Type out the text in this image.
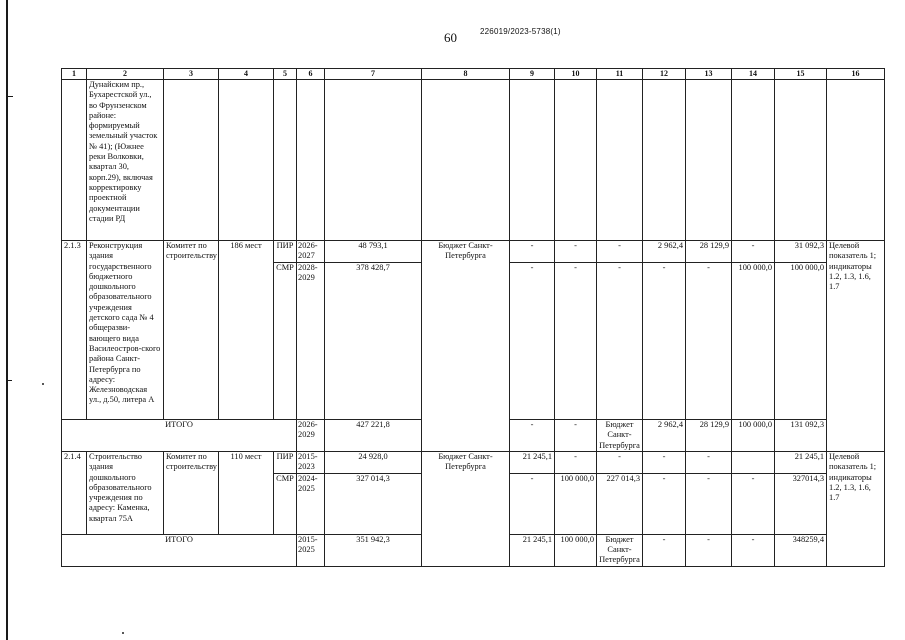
60	226019/2023-5738(1)
1	2	3	4	5	6	7	8	9	10	11	12	13	14	15	16
	Дунайским пр., Бухарестской ул., во Фрунзенском районе: формируемый земельный участок № 41); (Южнее реки Волковки, квартал 30, корп.29), включая корректировку проектной документации стадии РД														
2.1.3	Реконструкция здания государственного бюджетного дошкольного образовательного учреждения детского сада № 4 общеразви-вающего вида Василеостров-ского района Санкт-Петербурга по адресу: Железноводская ул., д.50, литера А	Комитет по строительству	186 мест	ПИР	2026-2027	48 793,1	Бюджет Санкт-Петербурга	-	-	-	2 962,4	28 129,9	-	31 092,3	Целевой показатель 1; индикаторы 1.2, 1.3, 1.6, 1.7
				СМР	2028-2029	378 428,7		-	-	-	-	-	100 000,0	100 000,0	
ИТОГО					2026-2029	427 221,8		-	-	Бюджет Санкт-Петербурга	2 962,4	28 129,9	100 000,0	131 092,3	
2.1.4	Строительство здания дошкольного образовательного учреждения по адресу: Каменка, квартал 75А	Комитет по строительству	110 мест	ПИР	2015-2023	24 928,0	Бюджет Санкт-Петербурга	21 245,1	-	-	-	-		21 245,1	Целевой показатель 1; индикаторы 1.2, 1.3, 1.6, 1.7
				СМР	2024-2025	327 014,3		-	100 000,0	227 014,3	-	-	-	327014,3	
ИТОГО					2015-2025	351 942,3		21 245,1	100 000,0	Бюджет Санкт-Петербурга	-	-	-	348259,4	
